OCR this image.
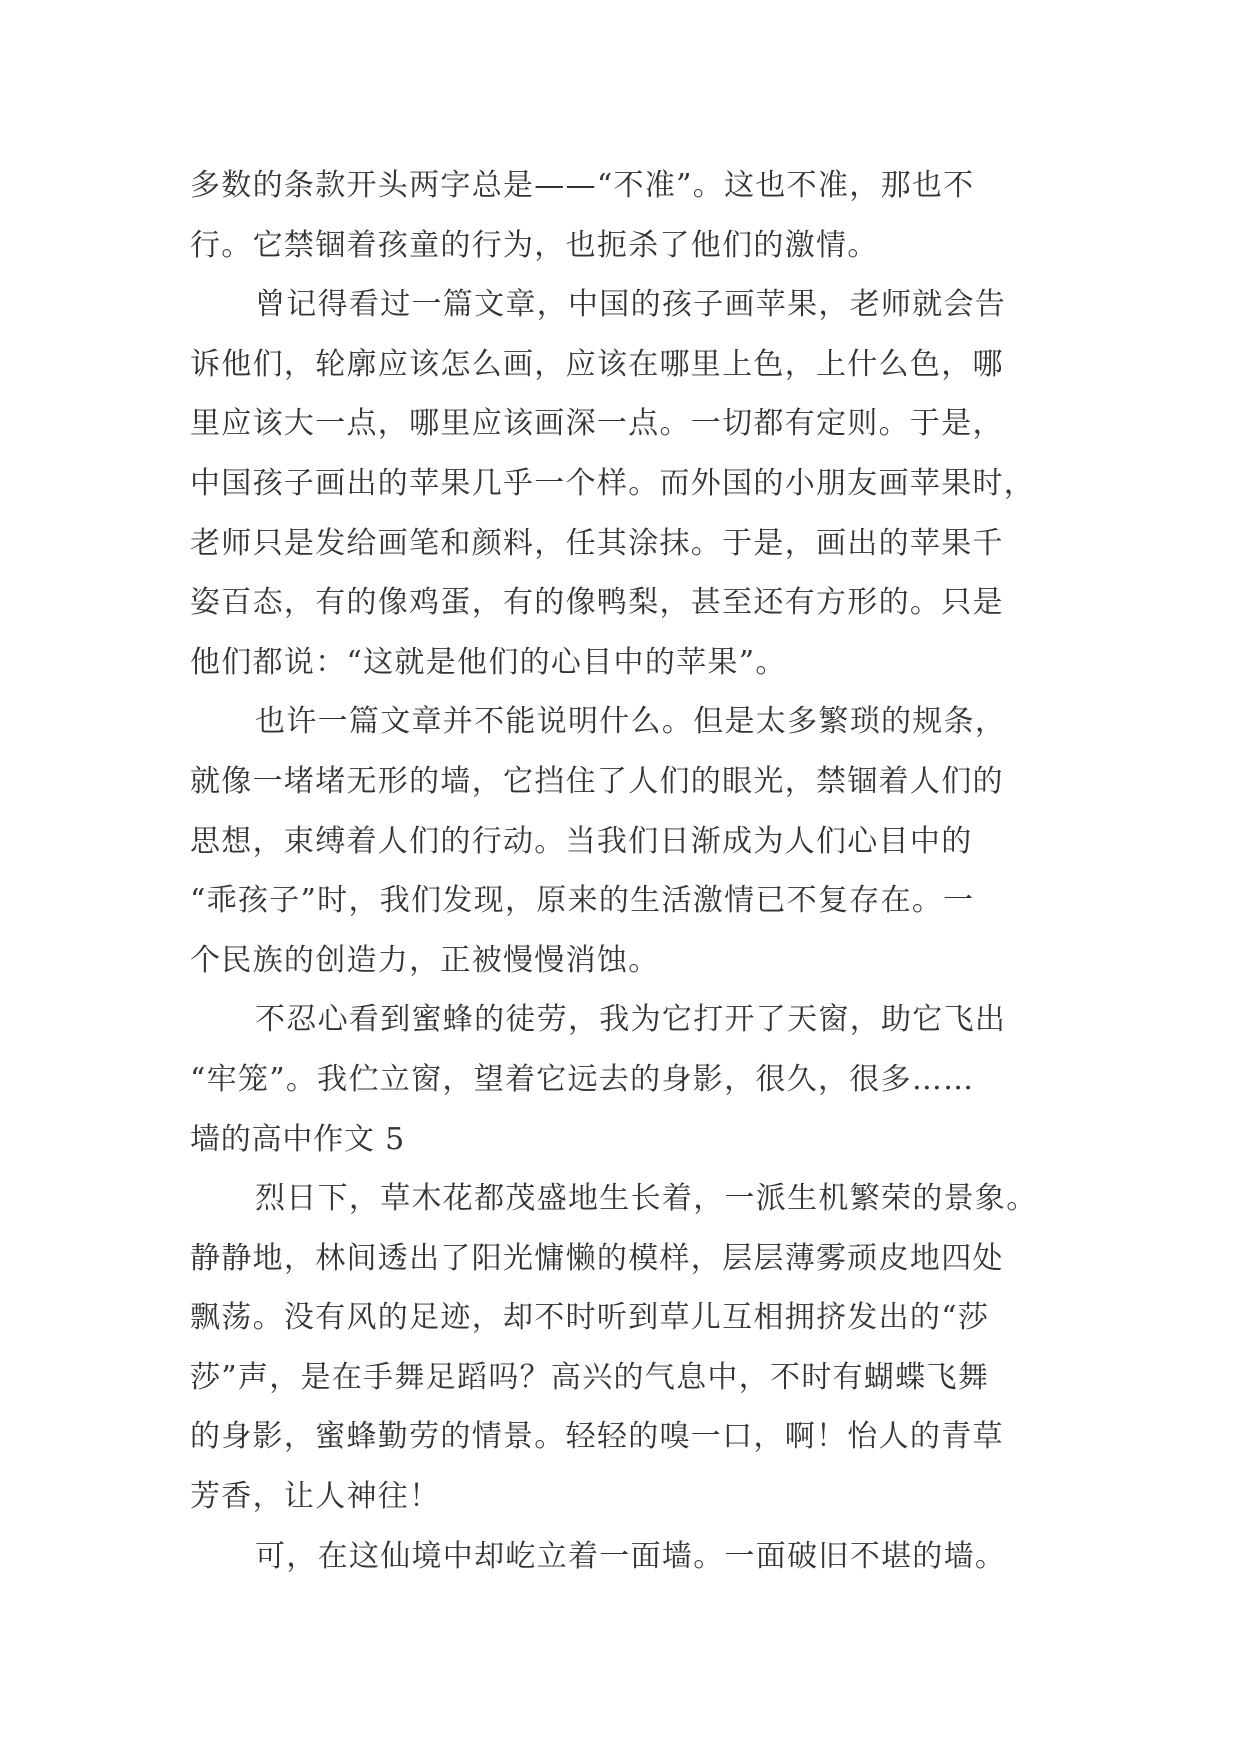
多数的条款开头两字总是——“不准”。这也不准，那也不
行。它禁锢着孩童的行为，也扼杀了他们的激情。
曾记得看过一篇文章，中国的孩子画苹果，老师就会告
诉他们，轮廓应该怎么画，应该在哪里上色，上什么色，哪
里应该大一点，哪里应该画深一点。一切都有定则。于是，
中国孩子画出的苹果几乎一个样。而外国的小朋友画苹果时，
老师只是发给画笔和颜料，任其涂抹。于是，画出的苹果千
姿百态，有的像鸡蛋，有的像鸭梨，甚至还有方形的。只是
他们都说：“这就是他们的心目中的苹果”。
也许一篇文章并不能说明什么。但是太多繁琐的规条，
就像一堵堵无形的墙，它挡住了人们的眼光，禁锢着人们的
思想，束缚着人们的行动。当我们日渐成为人们心目中的
“乖孩子”时，我们发现，原来的生活激情已不复存在。一
个民族的创造力，正被慢慢消蚀。
不忍心看到蜜蜂的徒劳，我为它打开了天窗，助它飞出
“牢笼”。我伫立窗，望着它远去的身影，很久，很多……
墙的高中作文 5
烈日下，草木花都茂盛地生长着，一派生机繁荣的景象。
静静地，林间透出了阳光慵懒的模样，层层薄雾顽皮地四处
飘荡。没有风的足迹，却不时听到草儿互相拥挤发出的“莎
莎”声，是在手舞足蹈吗？高兴的气息中，不时有蝴蝶飞舞
的身影，蜜蜂勤劳的情景。轻轻的嗅一口，啊！怡人的青草
芳香，让人神往！
可，在这仙境中却屹立着一面墙。一面破旧不堪的墙。
